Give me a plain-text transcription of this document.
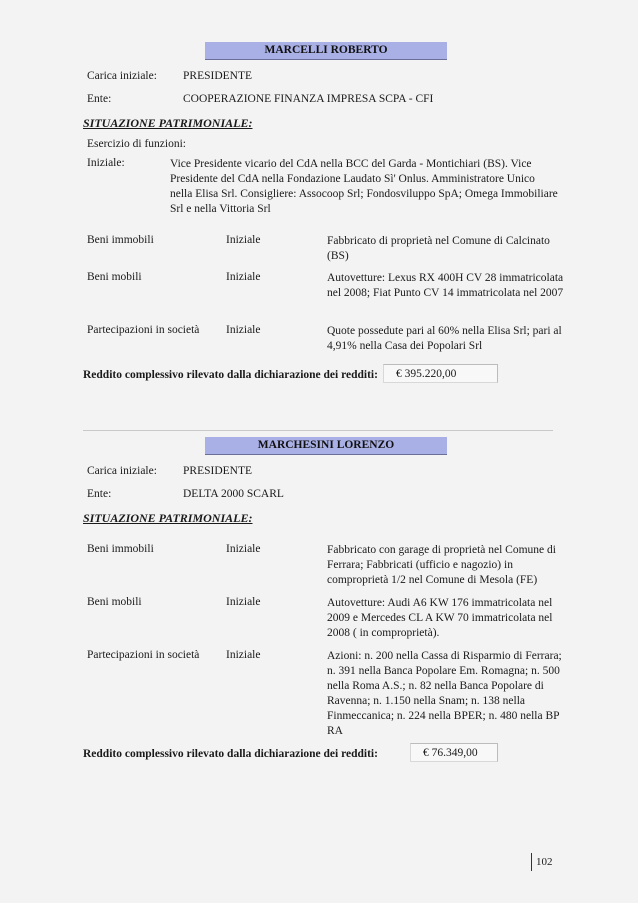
MARCELLI ROBERTO
Carica iniziale: PRESIDENTE
Ente:	COOPERAZIONE FINANZA IMPRESA SCPA - CFI
SITUAZIONE PATRIMONIALE:
Esercizio di funzioni:
Iniziale:	Vice Presidente vicario del CdA nella BCC del Garda - Montichiari (BS). Vice Presidente del CdA nella Fondazione Laudato Sì' Onlus. Amministratore Unico nella Elisa Srl. Consigliere: Assocoop Srl; Fondosviluppo SpA; Omega Immobiliare Srl e nella Vittoria Srl
Beni immobili	Iniziale	Fabbricato di proprietà nel Comune di Calcinato (BS)
Beni mobili	Iniziale	Autovetture: Lexus RX 400H CV 28 immatricolata nel 2008; Fiat Punto CV 14 immatricolata nel 2007
Partecipazioni in società Iniziale	Quote possedute pari al 60% nella Elisa Srl; pari al 4,91% nella Casa dei Popolari Srl
Reddito complessivo rilevato dalla dichiarazione dei redditi:	€ 395.220,00
MARCHESINI LORENZO
Carica iniziale: PRESIDENTE
Ente:	DELTA 2000 SCARL
SITUAZIONE PATRIMONIALE:
Beni immobili	Iniziale	Fabbricato con garage di proprietà nel Comune di Ferrara; Fabbricati (ufficio e nagozio) in comproprietà 1/2 nel Comune di Mesola (FE)
Beni mobili	Iniziale	Autovetture: Audi A6 KW 176 immatricolata nel 2009 e Mercedes CL A KW 70 immatricolata nel 2008 ( in comproprietà).
Partecipazioni in società Iniziale	Azioni: n. 200 nella Cassa di Risparmio di Ferrara; n. 391 nella Banca Popolare Em. Romagna; n. 500 nella Roma A.S.; n. 82 nella Banca Popolare di Ravenna; n. 1.150 nella Snam; n. 138 nella Finmeccanica; n. 224 nella BPER; n. 480 nella BP RA
Reddito complessivo rilevato dalla dichiarazione dei redditi:	€ 76.349,00
102
